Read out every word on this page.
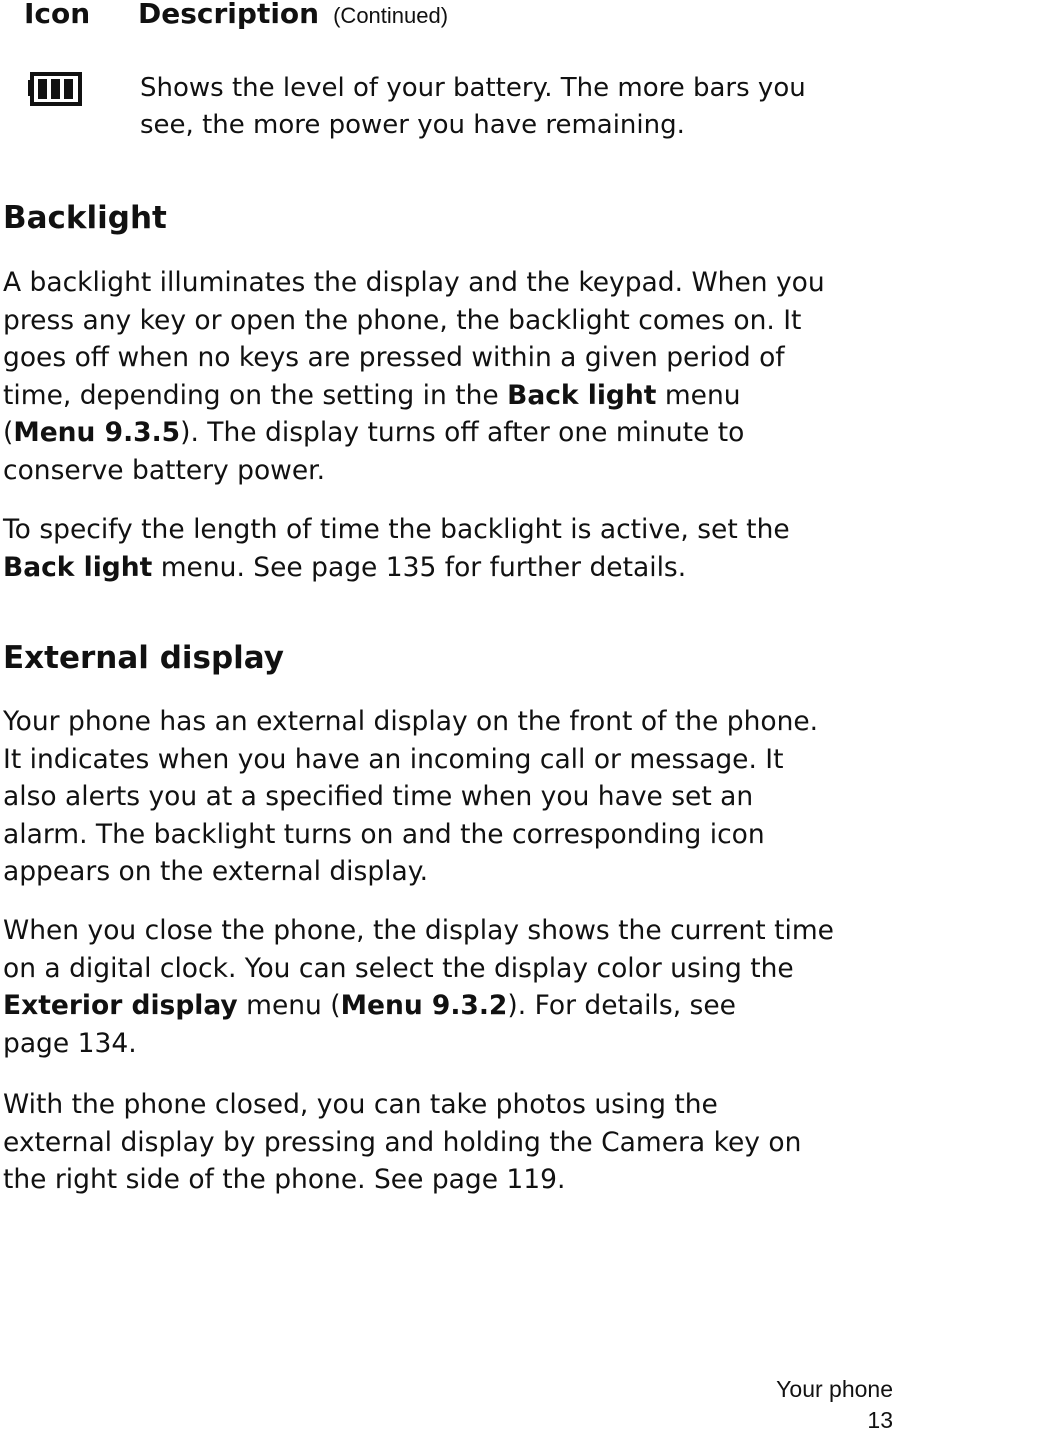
Icon Description (Continued)
Shows the level of your battery. The more bars you
see, the more power you have remaining.
Backlight
A backlight illuminates the display and the keypad. When you
press any key or open the phone, the backlight comes on. It
goes off when no keys are pressed within a given period of
time, depending on the setting in the Back light menu
(Menu 9.3.5). The display turns off after one minute to
conserve battery power.
To specify the length of time the backlight is active, set the
Back light menu. See page 135 for further details.
External display
Your phone has an external display on the front of the phone.
It indicates when you have an incoming call or message. It
also alerts you at a specified time when you have set an
alarm. The backlight turns on and the corresponding icon
appears on the external display.
When you close the phone, the display shows the current time
on a digital clock. You can select the display color using the
Exterior display menu (Menu 9.3.2). For details, see
page 134.
With the phone closed, you can take photos using the
external display by pressing and holding the Camera key on
the right side of the phone. See page 119.
Your phone
13
